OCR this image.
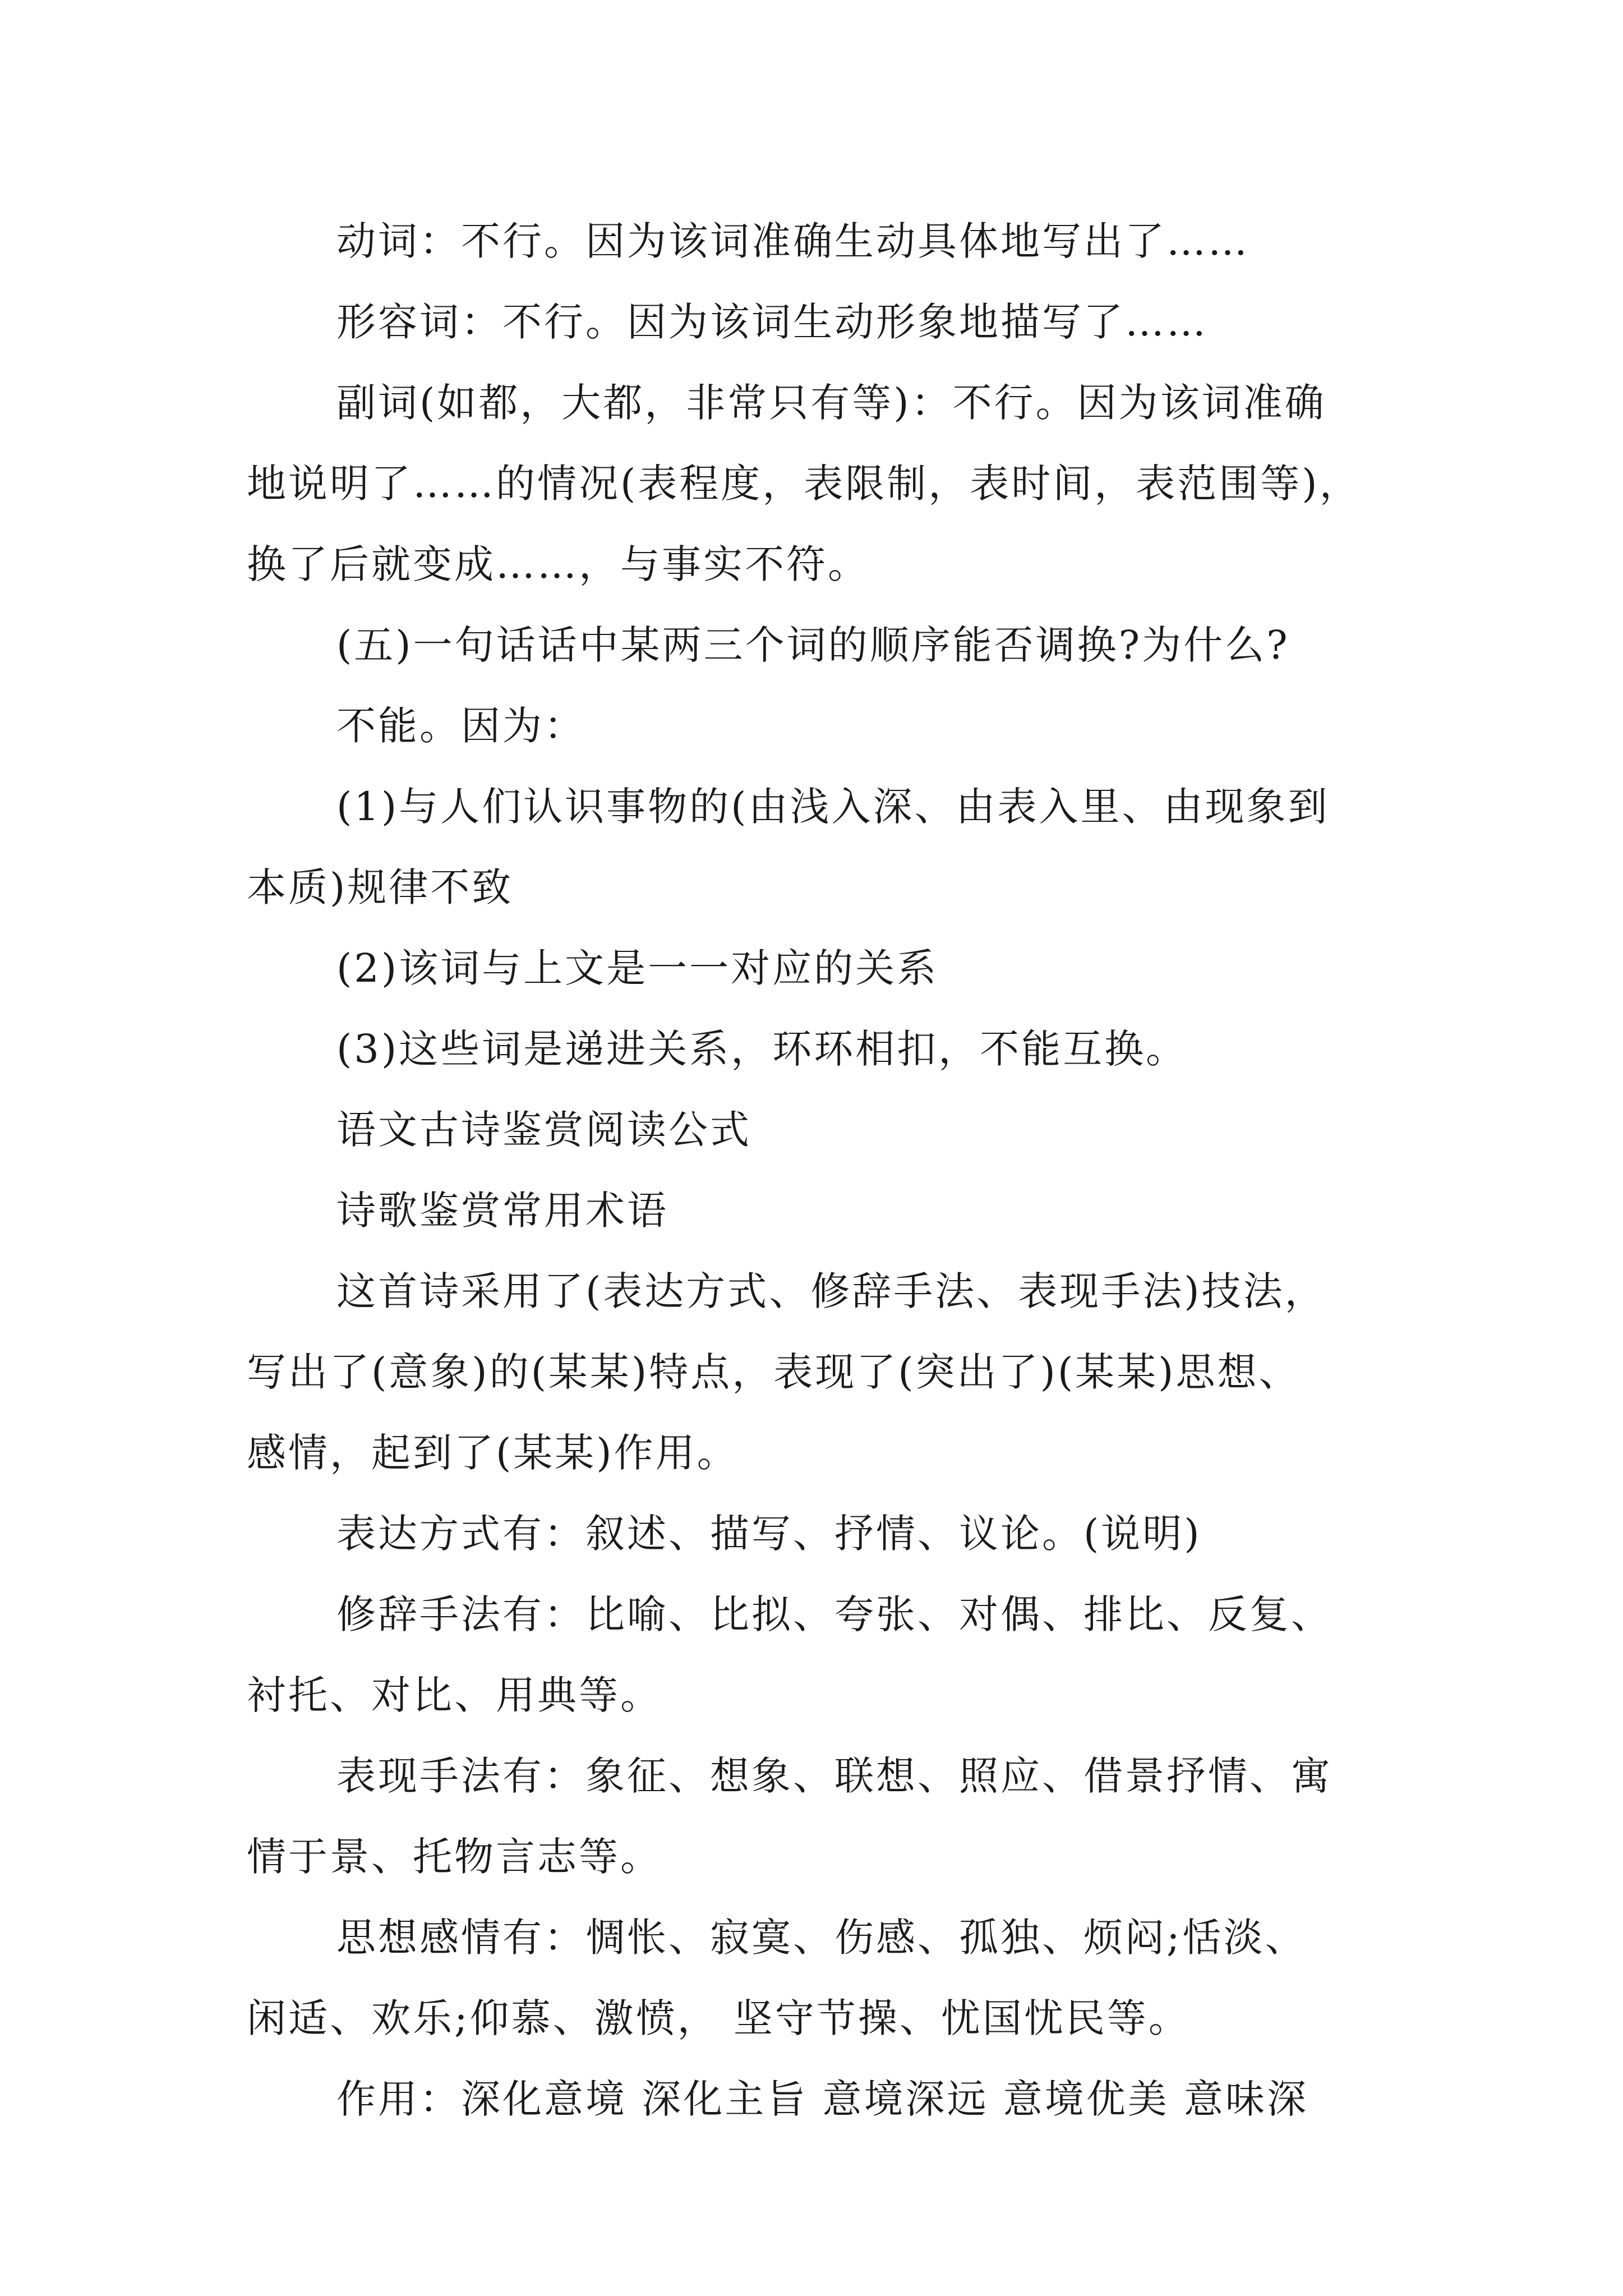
动词：不行。因为该词准确生动具体地写出了……

形容词：不行。因为该词生动形象地描写了……

副词(如都，大都，非常只有等)：不行。因为该词准确
地说明了……的情况(表程度，表限制，表时间，表范围等)，
换了后就变成……，与事实不符。

(五)一句话话中某两三个词的顺序能否调换?为什么?

不能。因为：

(1)与人们认识事物的(由浅入深、由表入里、由现象到
本质)规律不致

(2)该词与上文是一一对应的关系

(3)这些词是递进关系，环环相扣，不能互换。

语文古诗鉴赏阅读公式

诗歌鉴赏常用术语

这首诗采用了(表达方式、修辞手法、表现手法)技法，
写出了(意象)的(某某)特点，表现了(突出了)(某某)思想、
感情，起到了(某某)作用。

表达方式有：叙述、描写、抒情、议论。(说明)

修辞手法有：比喻、比拟、夸张、对偶、排比、反复、
衬托、对比、用典等。

表现手法有：象征、想象、联想、照应、借景抒情、寓
情于景、托物言志等。

思想感情有：惆怅、寂寞、伤感、孤独、烦闷;恬淡、
闲适、欢乐;仰慕、激愤， 坚守节操、忧国忧民等。

作用：深化意境 深化主旨 意境深远 意境优美 意味深
